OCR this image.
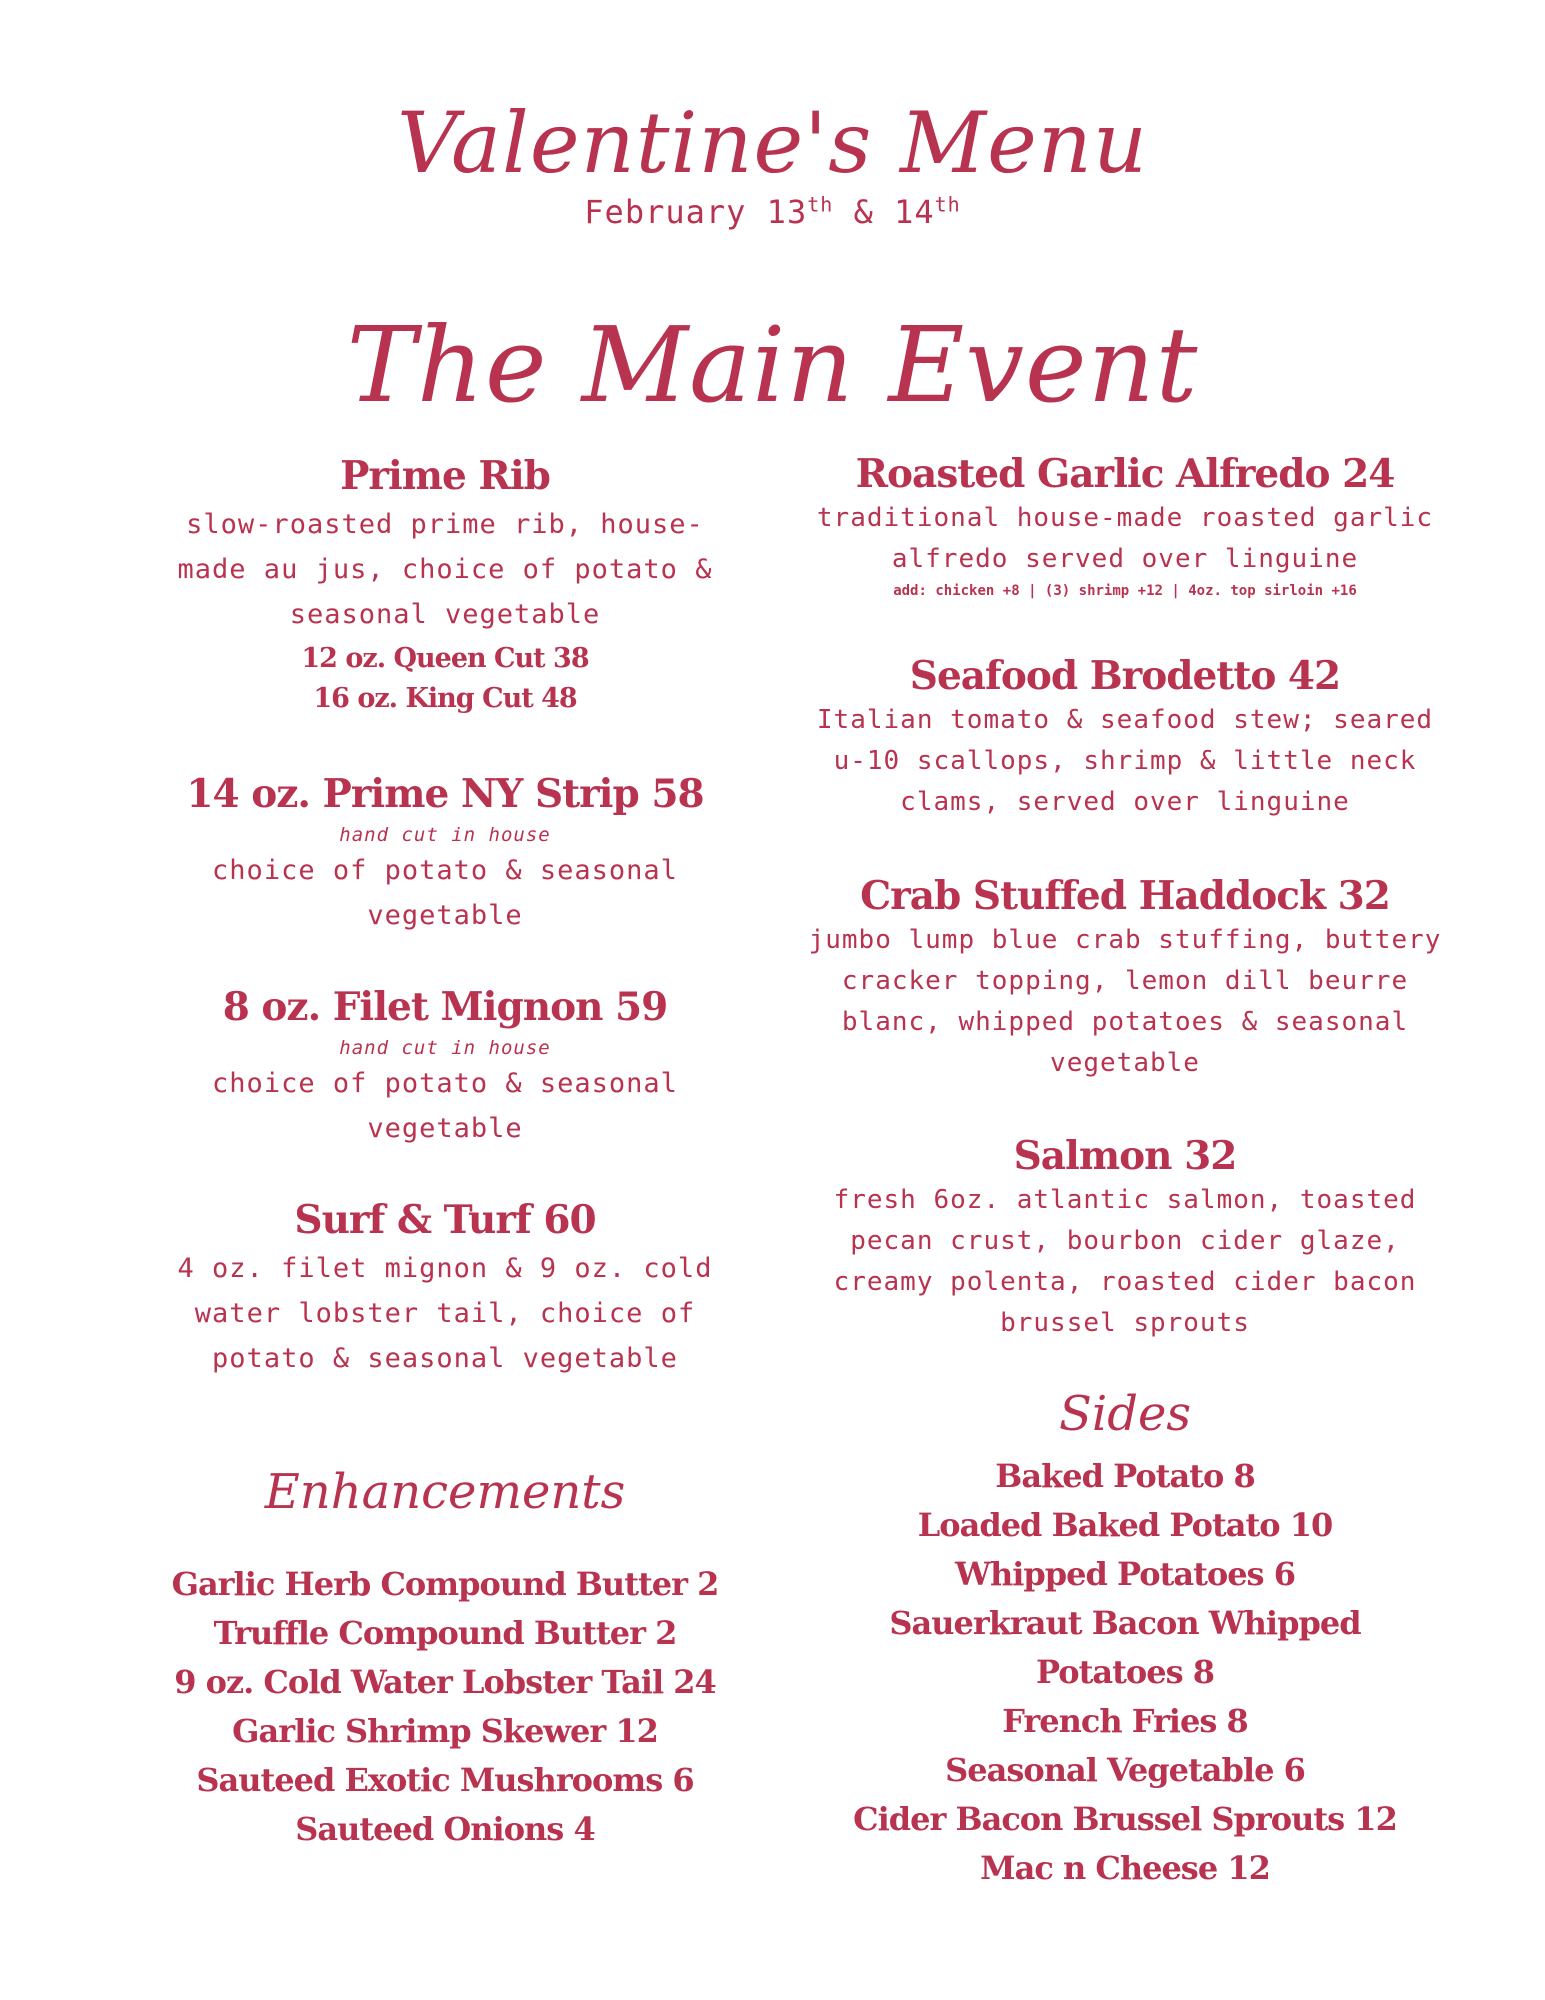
Valentine's Menu
February 13th & 14th
The Main Event
Prime Rib
slow-roasted prime rib, house-
made au jus, choice of potato &
seasonal vegetable
12 oz. Queen Cut 38
16 oz. King Cut 48
14 oz. Prime NY Strip 58
hand cut in house
choice of potato & seasonal
vegetable
8 oz. Filet Mignon 59
hand cut in house
choice of potato & seasonal
vegetable
Surf & Turf 60
4 oz. filet mignon & 9 oz. cold
water lobster tail, choice of
potato & seasonal vegetable
Enhancements
Garlic Herb Compound Butter 2
Truffle Compound Butter 2
9 oz. Cold Water Lobster Tail 24
Garlic Shrimp Skewer 12
Sauteed Exotic Mushrooms 6
Sauteed Onions 4
Roasted Garlic Alfredo 24
traditional house-made roasted garlic
alfredo served over linguine
add: chicken +8 | (3) shrimp +12 | 4oz. top sirloin +16
Seafood Brodetto 42
Italian tomato & seafood stew; seared
u-10 scallops, shrimp & little neck
clams, served over linguine
Crab Stuffed Haddock 32
jumbo lump blue crab stuffing, buttery
cracker topping, lemon dill beurre
blanc, whipped potatoes & seasonal
vegetable
Salmon 32
fresh 6oz. atlantic salmon, toasted
pecan crust, bourbon cider glaze,
creamy polenta, roasted cider bacon
brussel sprouts
Sides
Baked Potato 8
Loaded Baked Potato 10
Whipped Potatoes 6
Sauerkraut Bacon Whipped
Potatoes 8
French Fries 8
Seasonal Vegetable 6
Cider Bacon Brussel Sprouts 12
Mac n Cheese 12
